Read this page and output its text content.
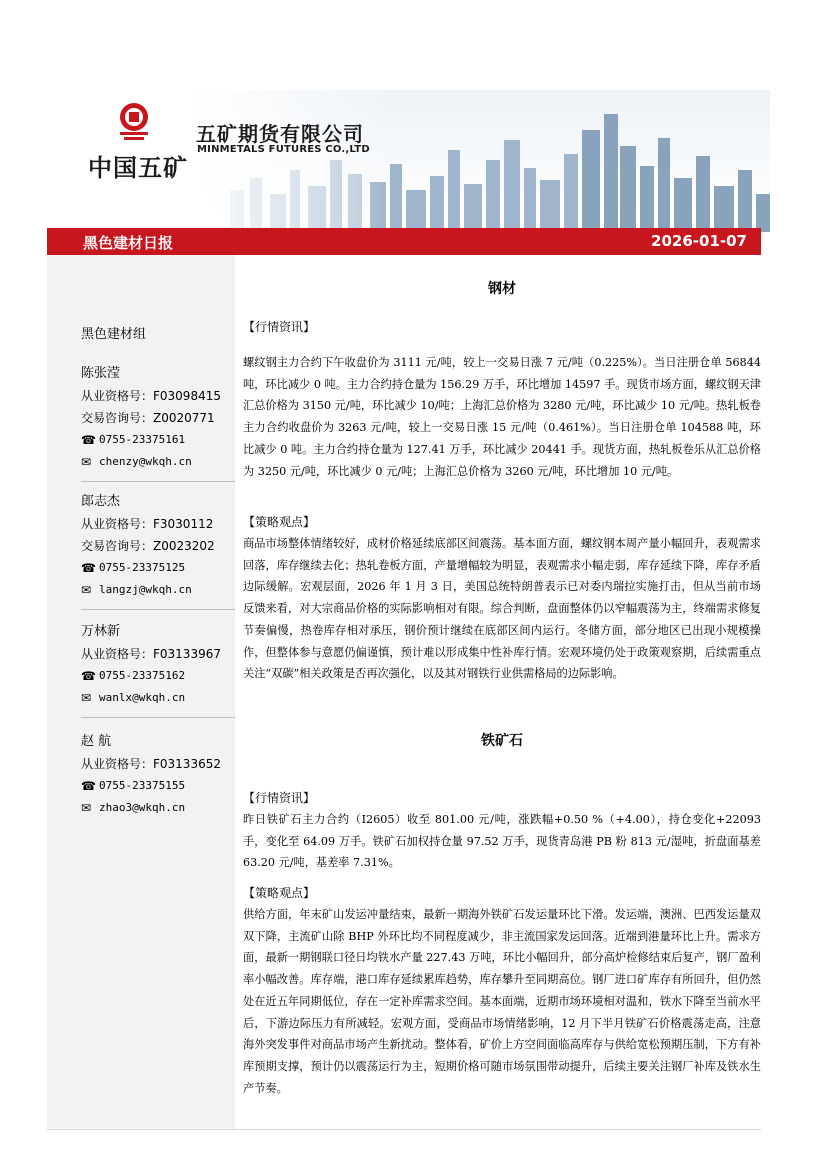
中国五矿
五矿期货有限公司
MINMETALS FUTURES CO.,LTD
黑色建材日报	2026-01-07
黑色建材组
陈张滢
从业资格号：F03098415
交易咨询号：Z0020771
☎ 0755-23375161
✉ chenzy@wkqh.cn
郎志杰
从业资格号：F3030112
交易咨询号：Z0023202
☎ 0755-23375125
✉ langzj@wkqh.cn
万林新
从业资格号：F03133967
☎ 0755-23375162
✉ wanlx@wkqh.cn
赵 航
从业资格号：F03133652
☎ 0755-23375155
✉ zhao3@wkqh.cn
钢材
【行情资讯】
螺纹钢主力合约下午收盘价为 3111 元/吨，较上一交易日涨 7 元/吨（0.225%）。当日注册仓单 56844 吨，环比减少 0 吨。主力合约持仓量为 156.29 万手，环比增加 14597 手。现货市场方面，螺纹钢天津汇总价格为 3150 元/吨，环比减少 10/吨；上海汇总价格为 3280 元/吨，环比减少 10 元/吨。热轧板卷主力合约收盘价为 3263 元/吨，较上一交易日涨 15 元/吨（0.461%）。当日注册仓单 104588 吨，环比减少 0 吨。主力合约持仓量为 127.41 万手，环比减少 20441 手。现货方面，热轧板卷乐从汇总价格为 3250 元/吨，环比减少 0 元/吨；上海汇总价格为 3260 元/吨，环比增加 10 元/吨。
【策略观点】
商品市场整体情绪较好，成材价格延续底部区间震荡。基本面方面，螺纹钢本周产量小幅回升，表观需求回落，库存继续去化；热轧卷板方面，产量增幅较为明显，表观需求小幅走弱，库存延续下降，库存矛盾边际缓解。宏观层面，2026 年 1 月 3 日，美国总统特朗普表示已对委内瑞拉实施打击，但从当前市场反馈来看，对大宗商品价格的实际影响相对有限。综合判断，盘面整体仍以窄幅震荡为主，终端需求修复节奏偏慢，热卷库存相对承压，钢价预计继续在底部区间内运行。冬储方面，部分地区已出现小规模操作，但整体参与意愿仍偏谨慎，预计难以形成集中性补库行情。宏观环境仍处于政策观察期，后续需重点关注“双碳”相关政策是否再次强化，以及其对钢铁行业供需格局的边际影响。
铁矿石
【行情资讯】
昨日铁矿石主力合约（I2605）收至 801.00 元/吨，涨跌幅+0.50 %（+4.00），持仓变化+22093 手，变化至 64.09 万手。铁矿石加权持仓量 97.52 万手，现货青岛港 PB 粉 813 元/湿吨，折盘面基差 63.20 元/吨，基差率 7.31%。
【策略观点】
供给方面，年末矿山发运冲量结束，最新一期海外铁矿石发运量环比下滑。发运端，澳洲、巴西发运量双双下降，主流矿山除 BHP 外环比均不同程度减少，非主流国家发运回落。近端到港量环比上升。需求方面，最新一期钢联口径日均铁水产量 227.43 万吨，环比小幅回升，部分高炉检修结束后复产，钢厂盈利率小幅改善。库存端，港口库存延续累库趋势，库存攀升至同期高位。钢厂进口矿库存有所回升，但仍然处在近五年同期低位，存在一定补库需求空间。基本面端，近期市场环境相对温和，铁水下降至当前水平后，下游边际压力有所减轻。宏观方面，受商品市场情绪影响，12 月下半月铁矿石价格震荡走高，注意海外突发事件对商品市场产生新扰动。整体看，矿价上方空间面临高库存与供给宽松预期压制，下方有补库预期支撑，预计仍以震荡运行为主，短期价格可随市场氛围带动提升，后续主要关注钢厂补库及铁水生产节奏。
